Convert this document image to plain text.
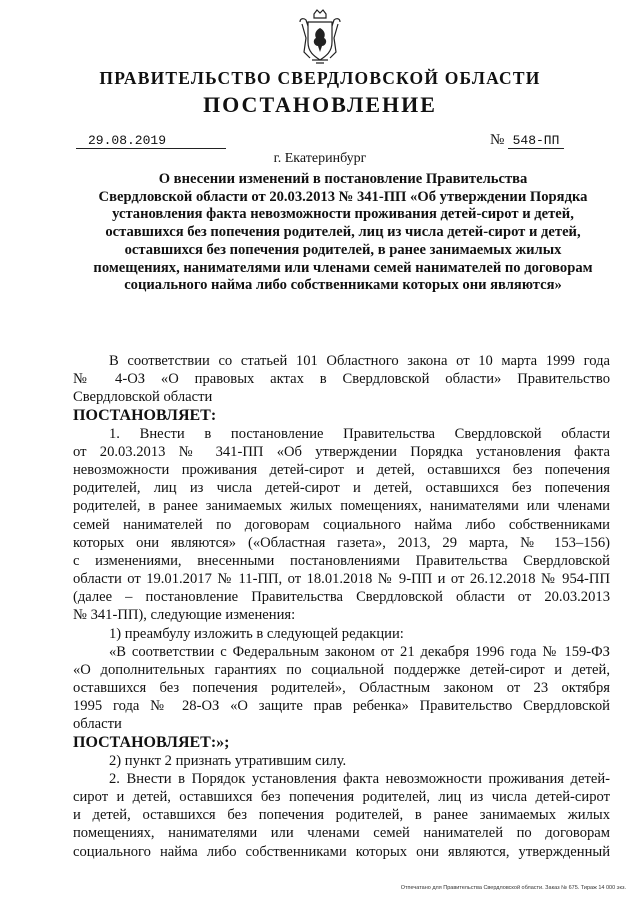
ПРАВИТЕЛЬСТВО СВЕРДЛОВСКОЙ ОБЛАСТИ
ПОСТАНОВЛЕНИЕ
29.08.2019	№ 548-ПП
г. Екатеринбург
О внесении изменений в постановление Правительства
Свердловской области от 20.03.2013 № 341-ПП «Об утверждении Порядка
установления факта невозможности проживания детей-сирот и детей,
оставшихся без попечения родителей, лиц из числа детей-сирот и детей,
оставшихся без попечения родителей, в ранее занимаемых жилых
помещениях, нанимателями или членами семей нанимателей по договорам
социального найма либо собственниками которых они являются»
В соответствии со статьей 101 Областного закона от 10 марта 1999 года
№ 4-ОЗ «О правовых актах в Свердловской области» Правительство
Свердловской области
ПОСТАНОВЛЯЕТ:
1. Внести в постановление Правительства Свердловской области
от 20.03.2013 № 341-ПП «Об утверждении Порядка установления факта
невозможности проживания детей-сирот и детей, оставшихся без попечения
родителей, лиц из числа детей-сирот и детей, оставшихся без попечения
родителей, в ранее занимаемых жилых помещениях, нанимателями или членами
семей нанимателей по договорам социального найма либо собственниками
которых они являются» («Областная газета», 2013, 29 марта, № 153–156)
с изменениями, внесенными постановлениями Правительства Свердловской
области от 19.01.2017 № 11-ПП, от 18.01.2018 № 9-ПП и от 26.12.2018 № 954-ПП
(далее – постановление Правительства Свердловской области от 20.03.2013
№ 341-ПП), следующие изменения:
1) преамбулу изложить в следующей редакции:
«В соответствии с Федеральным законом от 21 декабря 1996 года № 159-ФЗ
«О дополнительных гарантиях по социальной поддержке детей-сирот и детей,
оставшихся без попечения родителей», Областным законом от 23 октября
1995 года № 28-ОЗ «О защите прав ребенка» Правительство Свердловской
области
ПОСТАНОВЛЯЕТ:»;
2) пункт 2 признать утратившим силу.
2. Внести в Порядок установления факта невозможности проживания детей-
сирот и детей, оставшихся без попечения родителей, лиц из числа детей-сирот
и детей, оставшихся без попечения родителей, в ранее занимаемых жилых
помещениях, нанимателями или членами семей нанимателей по договорам
социального найма либо собственниками которых они являются, утвержденный
Отпечатано для Правительства Свердловской области. Заказ № 675. Тираж 14 000 экз.
